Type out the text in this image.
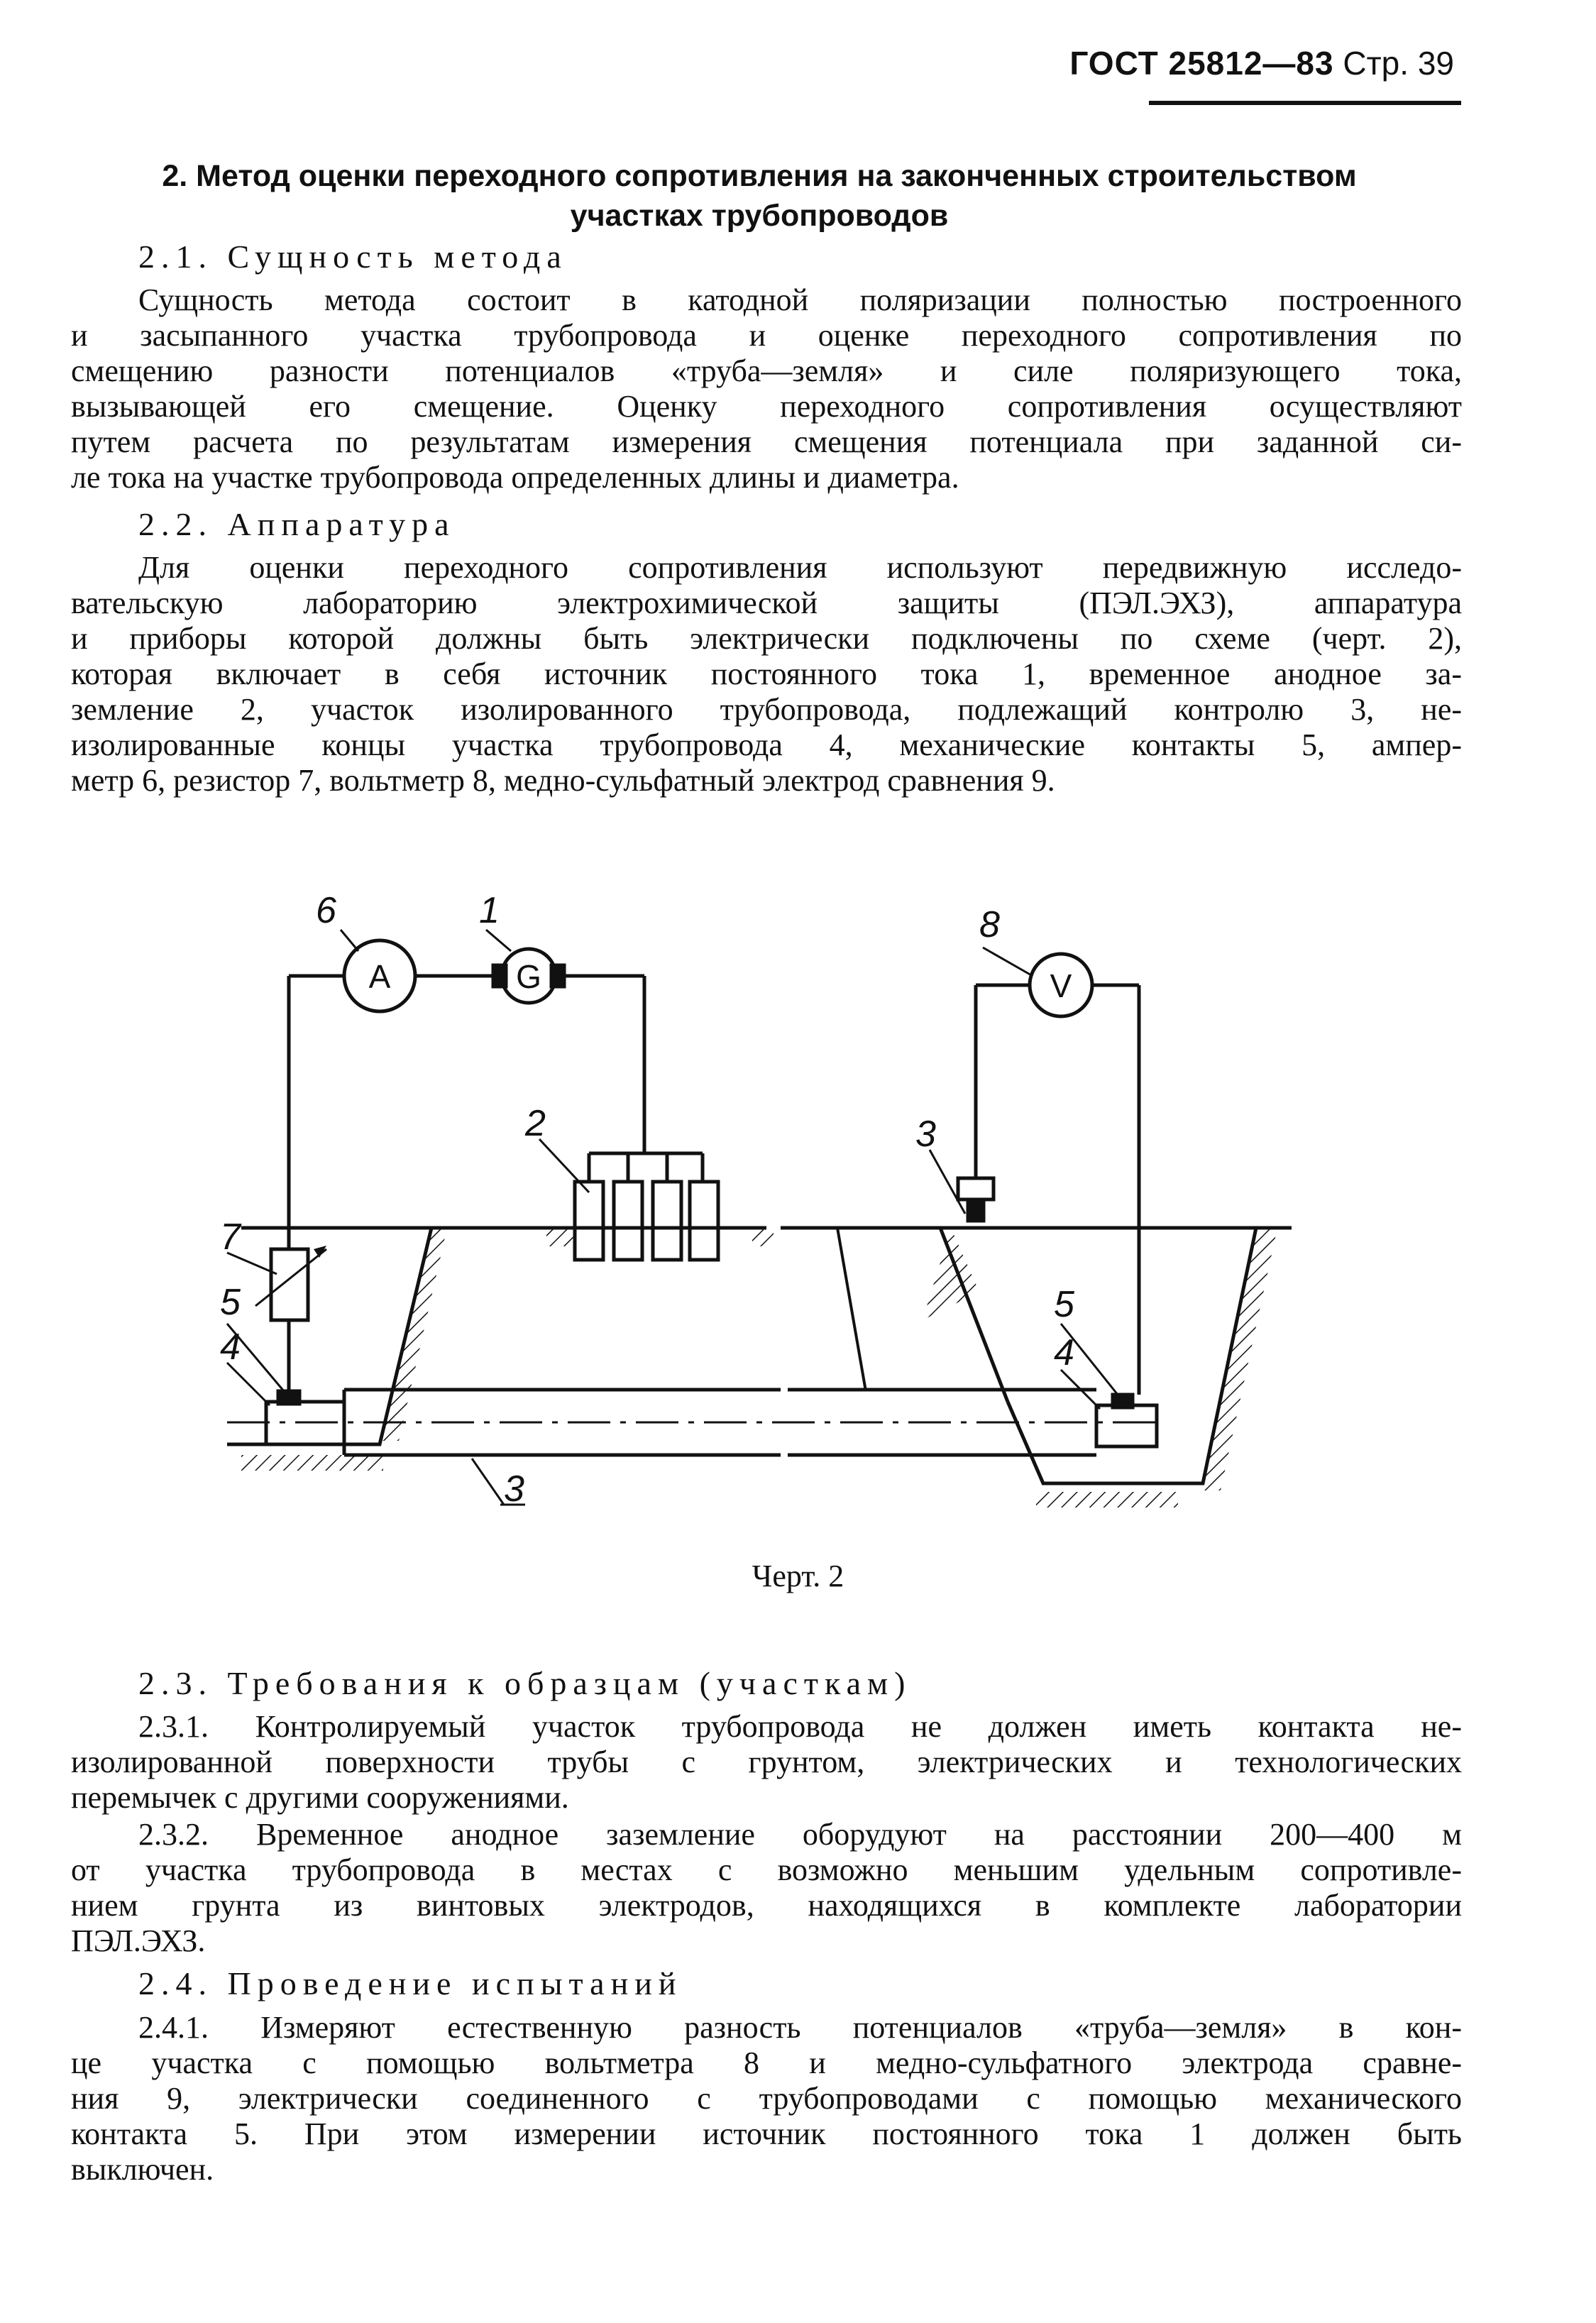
ГОСТ 25812—83 Стр. 39
2. Метод оценки переходного сопротивления на законченных строительством
участках трубопроводов
2.1. Сущность метода
Сущность метода состоит в катодной поляризации полностью построенного
и засыпанного участка трубопровода и оценке переходного сопротивления по
смещению разности потенциалов «труба—земля» и силе поляризующего тока,
вызывающей его смещение. Оценку переходного сопротивления осуществляют
путем расчета по результатам измерения смещения потенциала при заданной си-
ле тока на участке трубопровода определенных длины и диаметра.
2.2. Аппаратура
Для оценки переходного сопротивления используют передвижную исследо-
вательскую лабораторию электрохимической защиты (ПЭЛ.ЭХЗ), аппаратура
и приборы которой должны быть электрически подключены по схеме (черт. 2),
которая включает в себя источник постоянного тока 1, временное анодное за-
земление 2, участок изолированного трубопровода, подлежащий контролю 3, не-
изолированные концы участка трубопровода 4, механические контакты 5, ампер-
метр 6, резистор 7, вольтметр 8, медно-сульфатный электрод сравнения 9.
A	G	V
6	1	8
2	3
7
5
4
5
4
3
Черт. 2
2.3. Требования к образцам (участкам)
2.3.1. Контролируемый участок трубопровода не должен иметь контакта не-
изолированной поверхности трубы с грунтом, электрических и технологических
перемычек с другими сооружениями.
2.3.2. Временное анодное заземление оборудуют на расстоянии 200—400 м
от участка трубопровода в местах с возможно меньшим удельным сопротивле-
нием грунта из винтовых электродов, находящихся в комплекте лаборатории
ПЭЛ.ЭХЗ.
2.4. Проведение испытаний
2.4.1. Измеряют естественную разность потенциалов «труба—земля» в кон-
це участка с помощью вольтметра 8 и медно-сульфатного электрода сравне-
ния 9, электрически соединенного с трубопроводами с помощью механического
контакта 5. При этом измерении источник постоянного тока 1 должен быть
выключен.
